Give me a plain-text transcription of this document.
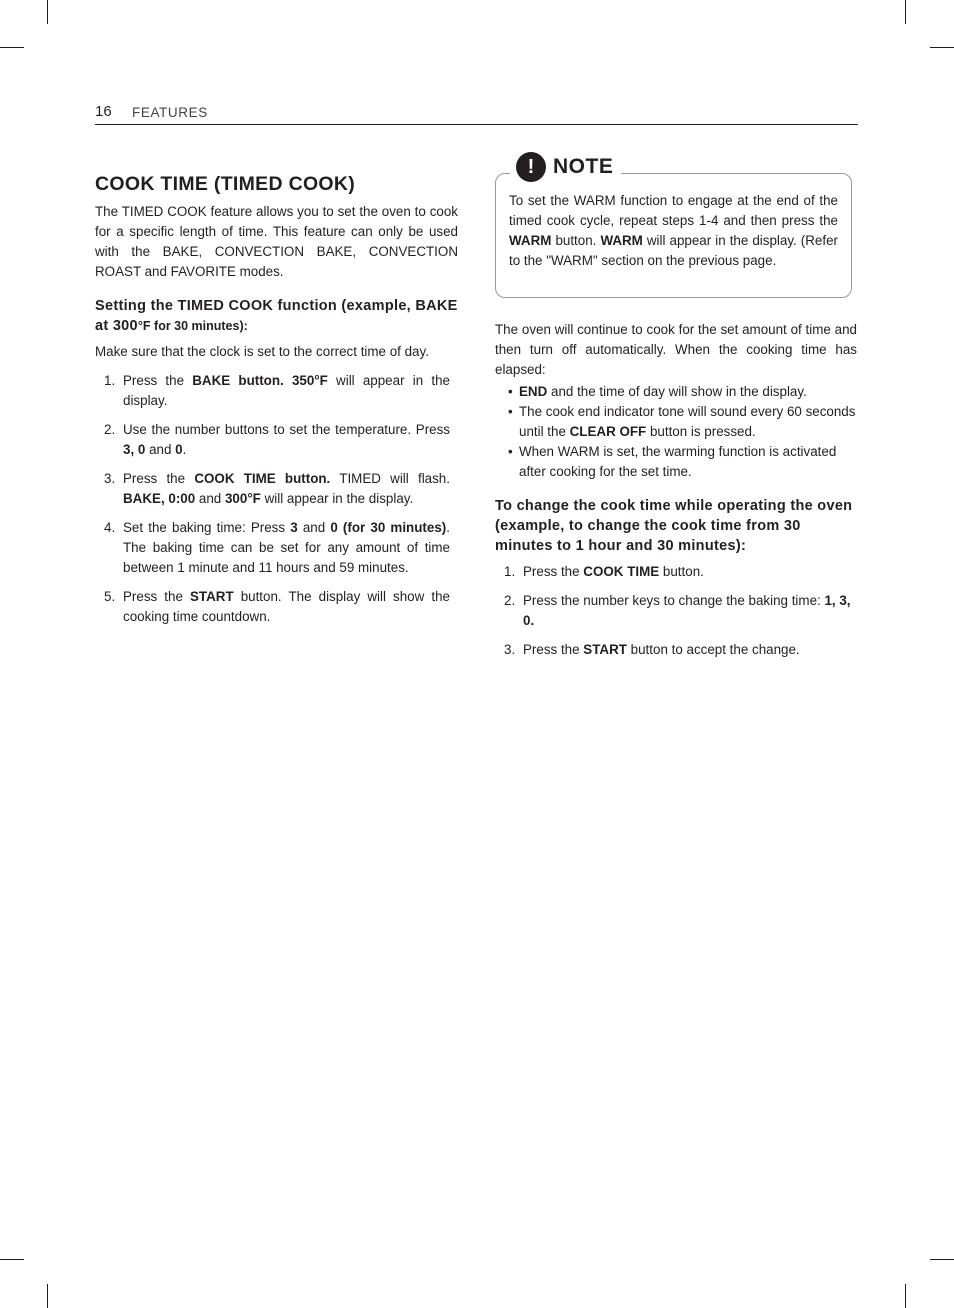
16 FEATURES
COOK TIME (TIMED COOK)

The TIMED COOK feature allows you to set the oven to cook for a specific length of time. This feature can only be used with the BAKE, CONVECTION BAKE, CONVECTION ROAST and FAVORITE modes.

Setting the TIMED COOK function (example, BAKE at 300°F for 30 minutes):

Make sure that the clock is set to the correct time of day.

1. Press the BAKE button. 350°F will appear in the display.
2. Use the number buttons to set the temperature. Press 3, 0 and 0.
3. Press the COOK TIME button. TIMED will flash. BAKE, 0:00 and 300°F will appear in the display.
4. Set the baking time: Press 3 and 0 (for 30 minutes). The baking time can be set for any amount of time between 1 minute and 11 hours and 59 minutes.
5. Press the START button. The display will show the cooking time countdown.
! NOTE
To set the WARM function to engage at the end of the timed cook cycle, repeat steps 1-4 and then press the WARM button. WARM will appear in the display. (Refer to the "WARM" section on the previous page.

The oven will continue to cook for the set amount of time and then turn off automatically. When the cooking time has elapsed:

• END and the time of day will show in the display.
• The cook end indicator tone will sound every 60 seconds until the CLEAR OFF button is pressed.
• When WARM is set, the warming function is activated after cooking for the set time.
To change the cook time while operating the oven (example, to change the cook time from 30 minutes to 1 hour and 30 minutes):
1. Press the COOK TIME button.
2. Press the number keys to change the baking time: 1, 3, 0.
3. Press the START button to accept the change.
